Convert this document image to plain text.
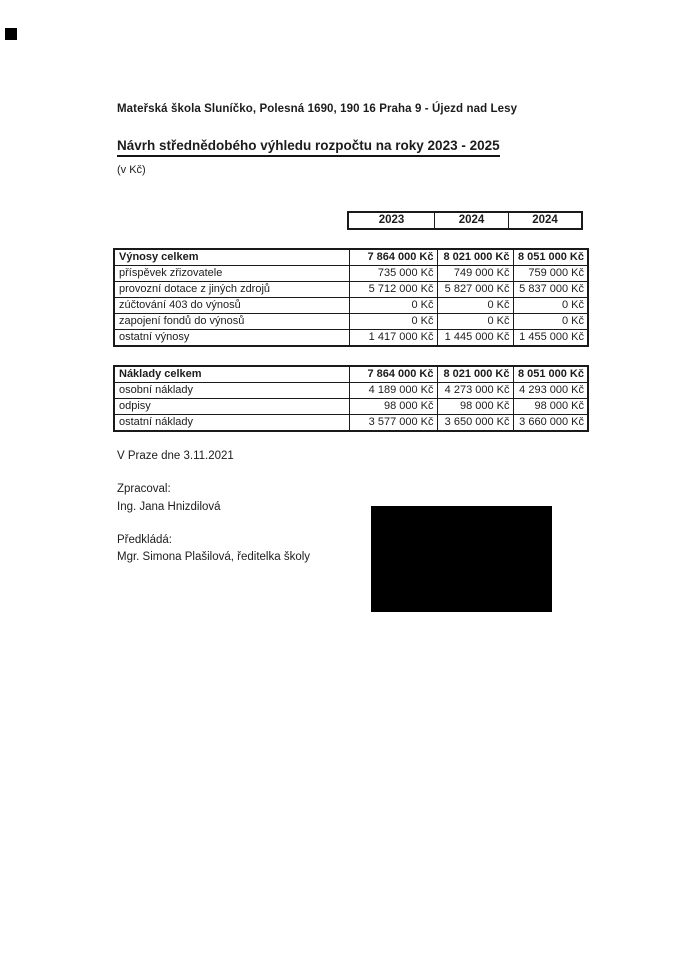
Mateřská škola Sluníčko, Polesná 1690, 190 16 Praha 9 - Újezd nad Lesy
Návrh střednědobého výhledu rozpočtu na roky 2023 - 2025
(v Kč)
2023	2024	2024
Výnosy celkem	7 864 000 Kč	8 021 000 Kč	8 051 000 Kč
příspěvek zřizovatele	735 000 Kč	749 000 Kč	759 000 Kč
provozní dotace z jiných zdrojů	5 712 000 Kč	5 827 000 Kč	5 837 000 Kč
zúčtování 403 do výnosů	0 Kč	0 Kč	0 Kč
zapojení fondů do výnosů	0 Kč	0 Kč	0 Kč
ostatní výnosy	1 417 000 Kč	1 445 000 Kč	1 455 000 Kč
Náklady celkem	7 864 000 Kč	8 021 000 Kč	8 051 000 Kč
osobní náklady	4 189 000 Kč	4 273 000 Kč	4 293 000 Kč
odpisy	98 000 Kč	98 000 Kč	98 000 Kč
ostatní náklady	3 577 000 Kč	3 650 000 Kč	3 660 000 Kč
V Praze dne 3.11.2021
Zpracoval:
Ing. Jana Hnizdilová
Předkládá:
Mgr. Simona Plašilová, ředitelka školy
